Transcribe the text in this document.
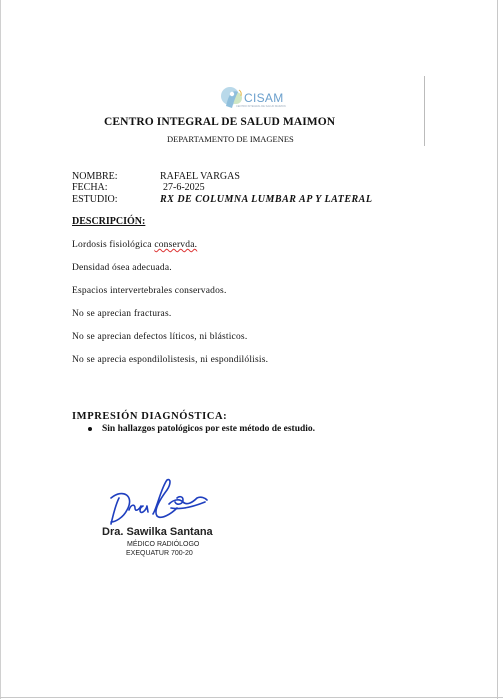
CISAM
CENTRO INTEGRAL DE SALUD MAIMON
CENTRO INTEGRAL DE SALUD MAIMON
DEPARTAMENTO DE IMAGENES
NOMBRE:	RAFAEL VARGAS
FECHA:	27-6-2025
ESTUDIO:	RX DE COLUMNA LUMBAR AP Y LATERAL
DESCRIPCIÓN:
Lordosis fisiológica conservda.
Densidad ósea adecuada.
Espacios intervertebrales conservados.
No se aprecian fracturas.
No se aprecian defectos líticos, ni blásticos.
No se aprecia espondilolistesis, ni espondilólisis.
IMPRESIÓN DIAGNÓSTICA:
Sin hallazgos patológicos por este método de estudio.
Dra. Sawilka Santana
MÉDICO RADIÓLOGO
EXEQUATUR 700-20
